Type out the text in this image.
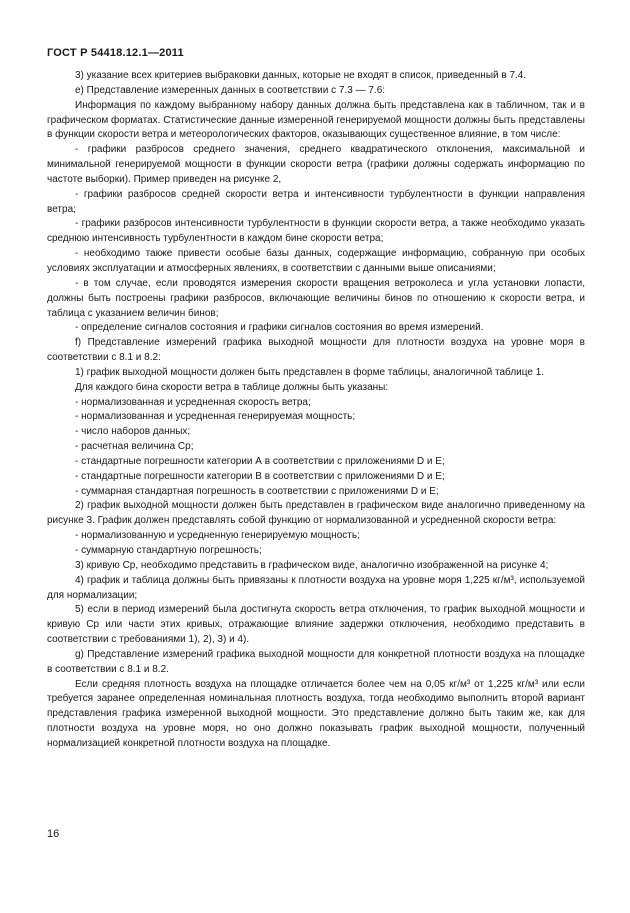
ГОСТ Р 54418.12.1—2011

3) указание всех критериев выбраковки данных, которые не входят в список, приведенный в 7.4.

е) Представление измеренных данных в соответствии с 7.3 — 7.6:

Информация по каждому выбранному набору данных должна быть представлена как в табличном, так и в графическом форматах. Статистические данные измеренной генерируемой мощности должны быть представлены в функции скорости ветра и метеорологических факторов, оказывающих существенное влияние, в том числе:

- графики разбросов среднего значения, среднего квадратического отклонения, максимальной и минимальной генерируемой мощности в функции скорости ветра (графики должны содержать информацию по частоте выборки). Пример приведен на рисунке 2,

- графики разбросов средней скорости ветра и интенсивности турбулентности в функции направления ветра;

- графики разбросов интенсивности турбулентности в функции скорости ветра, а также необходимо указать среднюю интенсивность турбулентности в каждом бине скорости ветра;

- необходимо также привести особые базы данных, содержащие информацию, собранную при особых условиях эксплуатации и атмосферных явлениях, в соответствии с данными выше описаниями;

- в том случае, если проводятся измерения скорости вращения ветроколеса и угла установки лопасти, должны быть построены графики разбросов, включающие величины бинов по отношению к скорости ветра, и таблица с указанием величин бинов;

- определение сигналов состояния и графики сигналов состояния во время измерений.

f) Представление измерений графика выходной мощности для плотности воздуха на уровне моря в соответствии с 8.1 и 8.2:

1) график выходной мощности должен быть представлен в форме таблицы, аналогичной таблице 1.

Для каждого бина скорости ветра в таблице должны быть указаны:

- нормализованная и усредненная скорость ветра;

- нормализованная и усредненная генерируемая мощность;

- число наборов данных;

- расчетная величина Cp;

- стандартные погрешности категории А в соответствии с приложениями D и Е;

- стандартные погрешности категории В в соответствии с приложениями D и Е;

- суммарная стандартная погрешность в соответствии с приложениями D и Е;

2) график выходной мощности должен быть представлен в графическом виде аналогично приведенному на рисунке 3. График должен представлять собой функцию от нормализованной и усредненной скорости ветра:

- нормализованную и усредненную генерируемую мощность;

- суммарную стандартную погрешность;

3) кривую Cp, необходимо представить в графическом виде, аналогично изображенной на рисунке 4;

4) график и таблица должны быть привязаны к плотности воздуха на уровне моря 1,225 кг/м³, используемой для нормализации;

5) если в период измерений была достигнута скорость ветра отключения, то график выходной мощности и кривую Cp или части этих кривых, отражающие влияние задержки отключения, необходимо представить в соответствии с требованиями 1), 2), 3) и 4).

g) Представление измерений графика выходной мощности для конкретной плотности воздуха на площадке в соответствии с 8.1 и 8.2.

Если средняя плотность воздуха на площадке отличается более чем на 0,05 кг/м³ от 1,225 кг/м³ или если требуется заранее определенная номинальная плотность воздуха, тогда необходимо выполнить второй вариант представления графика измеренной выходной мощности. Это представление должно быть таким же, как для плотности воздуха на уровне моря, но оно должно показывать график выходной мощности, полученный нормализацией конкретной плотности воздуха на площадке.

16
